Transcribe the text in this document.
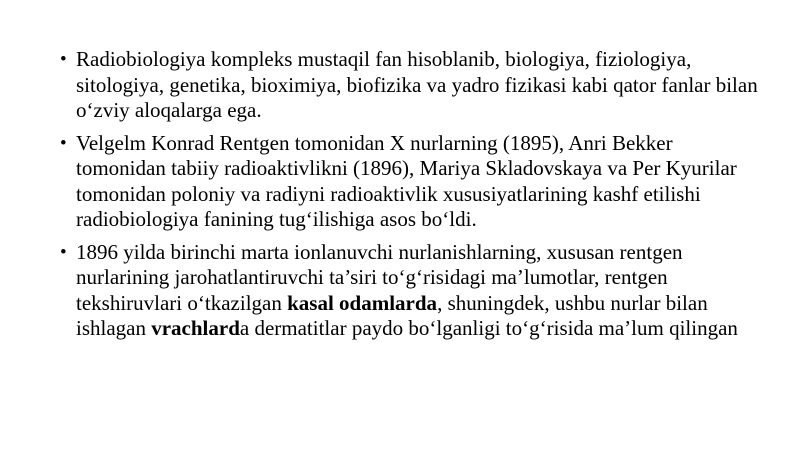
• Radiobiologiya kompleks mustaqil fan hisoblanib, biologiya, fiziologiya, sitologiya, genetika, bioximiya, biofizika va yadro fizikasi kabi qator fanlar bilan o‘zviy aloqalarga ega.
• Velgelm Konrad Rentgen tomonidan X nurlarning (1895), Anri Bekker tomonidan tabiiy radioaktivlikni (1896), Mariya Skladovskaya va Per Kyurilar tomonidan poloniy va radiyni radioaktivlik xususiyatlarining kashf etilishi radiobiologiya fanining tug‘ilishiga asos bo‘ldi.
• 1896 yilda birinchi marta ionlanuvchi nurlanishlarning, xususan rentgen nurlarining jarohatlantiruvchi ta’siri to‘g‘risidagi ma’lumotlar, rentgen tekshiruvlari o‘tkazilgan kasal odamlarda, shuningdek, ushbu nurlar bilan ishlagan vrachlarda dermatitlar paydo bo‘lganligi to‘g‘risida ma’lum qilingan
